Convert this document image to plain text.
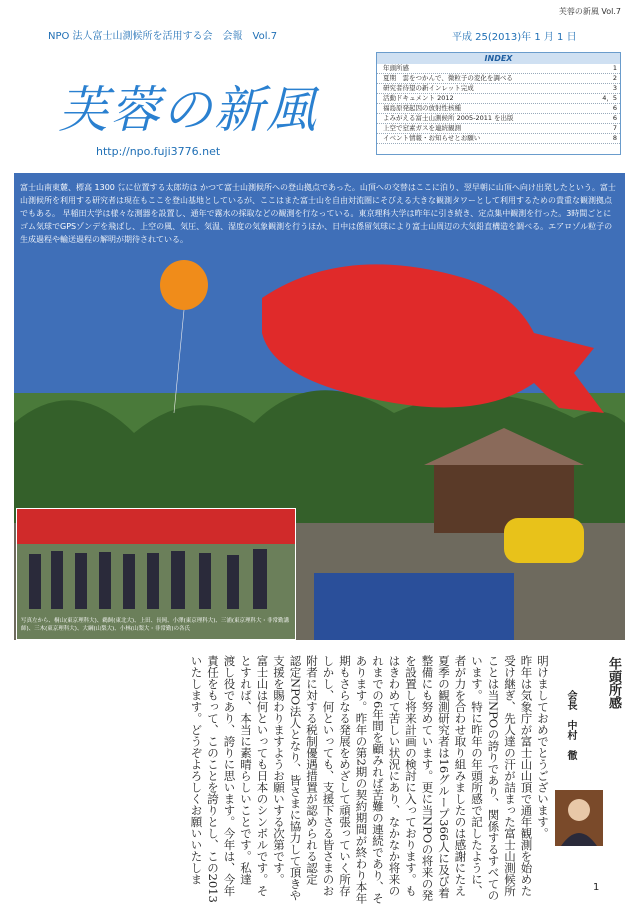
芙蓉の新風 Vol.7
NPO 法人富士山測候所を活用する会　会報　Vol.7	平成 25(2013)年 1 月 1 日
芙蓉の新風
http://npo.fuji3776.net
INDEX
年頭所感	1
夏期　雲をつかんで、微粒子の変化を調べる	2
研究者待望の新インレット完成	3
活動ドキュメント 2012	4，5
福島原発起因の放射性核種	6
よみがえる富士山測候所 2005-2011 を出版	6
上空で窒素ガスを連続観測	7
イベント情報・お知らせとお願い	8
富士山南東麓、標高 1300 ㍍に位置する太郎坊は かつて富士山測候所への登山拠点であった。山頂への交替はここに泊り、翌早朝に山頂へ向け出発したという。富士山測候所を利用する研究者は現在もここを登山基地としているが、ここはまた富士山を自由対流圏にそびえる大きな観測タワーとして利用するための貴重な観測拠点でもある。 早稲田大学は様々な測器を設置し、通年で霧水の採取などの観測を行なっている。東京理科大学は昨年に引き続き、定点集中観測を行った。3時間ごとにゴム気球でGPSゾンデを飛ばし、上空の風、気圧、気温、湿度の気象観測を行うほか、日中は係留気球により富士山周辺の大気鉛直構造を調べる。エアロゾル粒子の生成過程や輸送過程の解明が期待されている。
写真左から、桐山(東京理科大)、鵜飼(東北大)、上田、長岡、小澤(東京理科大)、三浦(東京理科大・非常勤講師)、三木(東京理科大)、大綱(山梨大)、小林(山梨大・非常勤)の各氏
年頭所感
会長
中村　徹
明けましておめでとうございます。
昨年は気象庁が富士山山頂で通年観測を始めた
受け継ぎ、先人達の汗が詰まった富士山測候所
ことは当NPOの誇りであり、関係するすべての
います。特に昨年の年頭所感で記したように、
者が力を合わせ取り組みましたのは感謝にたえ
夏季の観測研究者は16グループ366人に及び着
整備にも努めています。更に当NPOの将来の発
を設置し将来計画の検討に入っております。も
はきわめて苦しい状況にあり、なかなか将来の
れまでの6年間を顧みれば苦難の連続であり、そ
あります。昨年の第2期の契約期間が終わり本年
期もさらなる発展をめざして頑張っていく所存
しかし、何といっても、支援下さる皆さまのお
附者に対する税制優遇措置が認められる認定
認定NPO法人となり、皆さまに協力して頂きや
支援を賜わりますようお願いする次第です。
富士山は何といっても日本のシンボルです。そ
とすれば、本当に素晴らしいことです。私達
渡し役であり、誇りに思います。今年は、今年
責任をもって、このことを誇りとし、この2013
いたします。どうぞよろしくお願いいたしま
1
